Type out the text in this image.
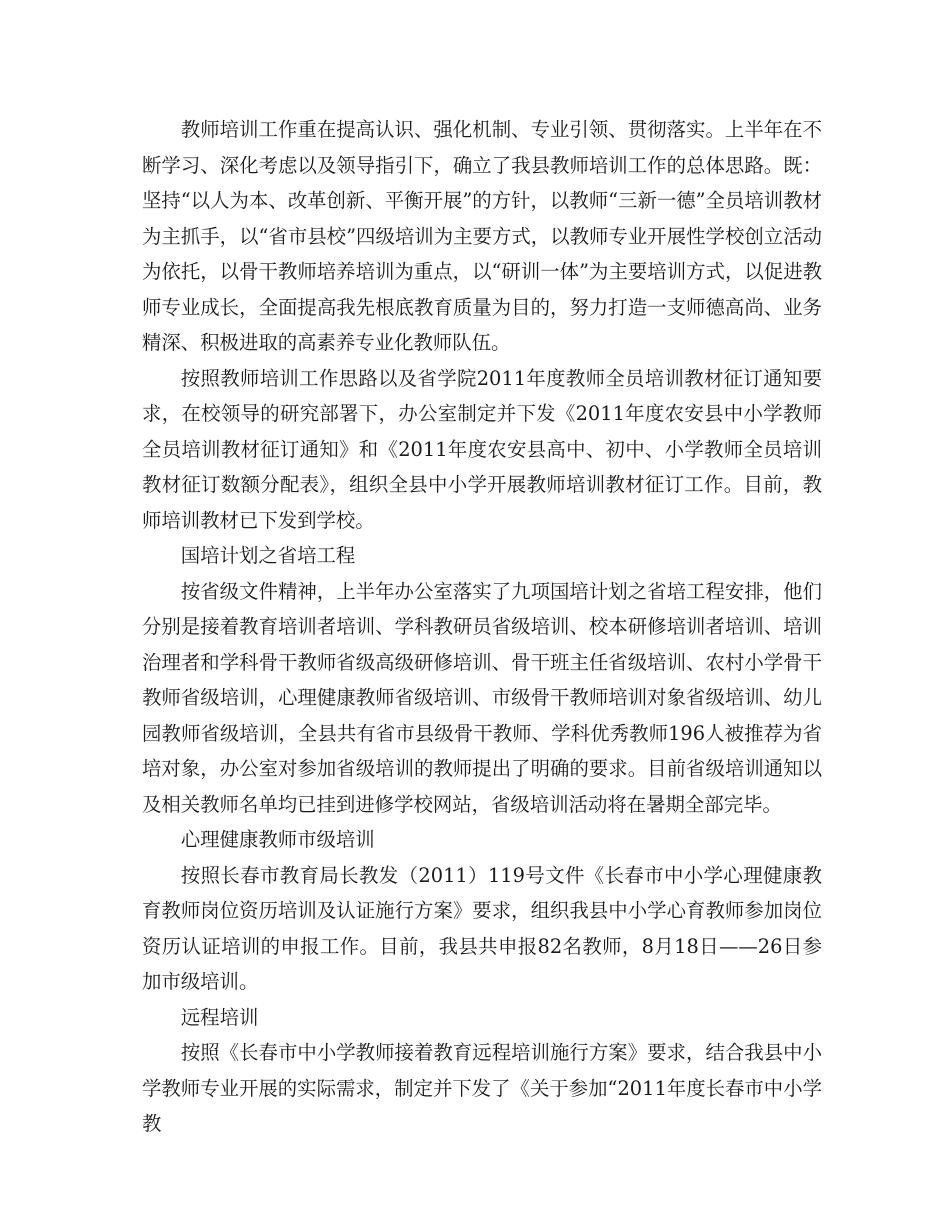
教师培训工作重在提高认识、强化机制、专业引领、贯彻落实。上半年在不断学习、深化考虑以及领导指引下，确立了我县教师培训工作的总体思路。既：坚持“以人为本、改革创新、平衡开展”的方针，以教师“三新一德”全员培训教材为主抓手，以“省市县校”四级培训为主要方式，以教师专业开展性学校创立活动为依托，以骨干教师培养培训为重点，以“研训一体”为主要培训方式，以促进教师专业成长，全面提高我先根底教育质量为目的，努力打造一支师德高尚、业务精深、积极进取的高素养专业化教师队伍。

按照教师培训工作思路以及省学院2011年度教师全员培训教材征订通知要求，在校领导的研究部署下，办公室制定并下发《2011年度农安县中小学教师全员培训教材征订通知》和《2011年度农安县高中、初中、小学教师全员培训教材征订数额分配表》，组织全县中小学开展教师培训教材征订工作。目前，教师培训教材已下发到学校。

国培计划之省培工程

按省级文件精神，上半年办公室落实了九项国培计划之省培工程安排，他们分别是接着教育培训者培训、学科教研员省级培训、校本研修培训者培训、培训治理者和学科骨干教师省级高级研修培训、骨干班主任省级培训、农村小学骨干教师省级培训，心理健康教师省级培训、市级骨干教师培训对象省级培训、幼儿园教师省级培训，全县共有省市县级骨干教师、学科优秀教师196人被推荐为省培对象，办公室对参加省级培训的教师提出了明确的要求。目前省级培训通知以及相关教师名单均已挂到进修学校网站，省级培训活动将在暑期全部完毕。

心理健康教师市级培训

按照长春市教育局长教发（2011）119号文件《长春市中小学心理健康教育教师岗位资历培训及认证施行方案》要求，组织我县中小学心育教师参加岗位资历认证培训的申报工作。目前，我县共申报82名教师，8月18日——26日参加市级培训。

远程培训

按照《长春市中小学教师接着教育远程培训施行方案》要求，结合我县中小学教师专业开展的实际需求，制定并下发了《关于参加“2011年度长春市中小学教
